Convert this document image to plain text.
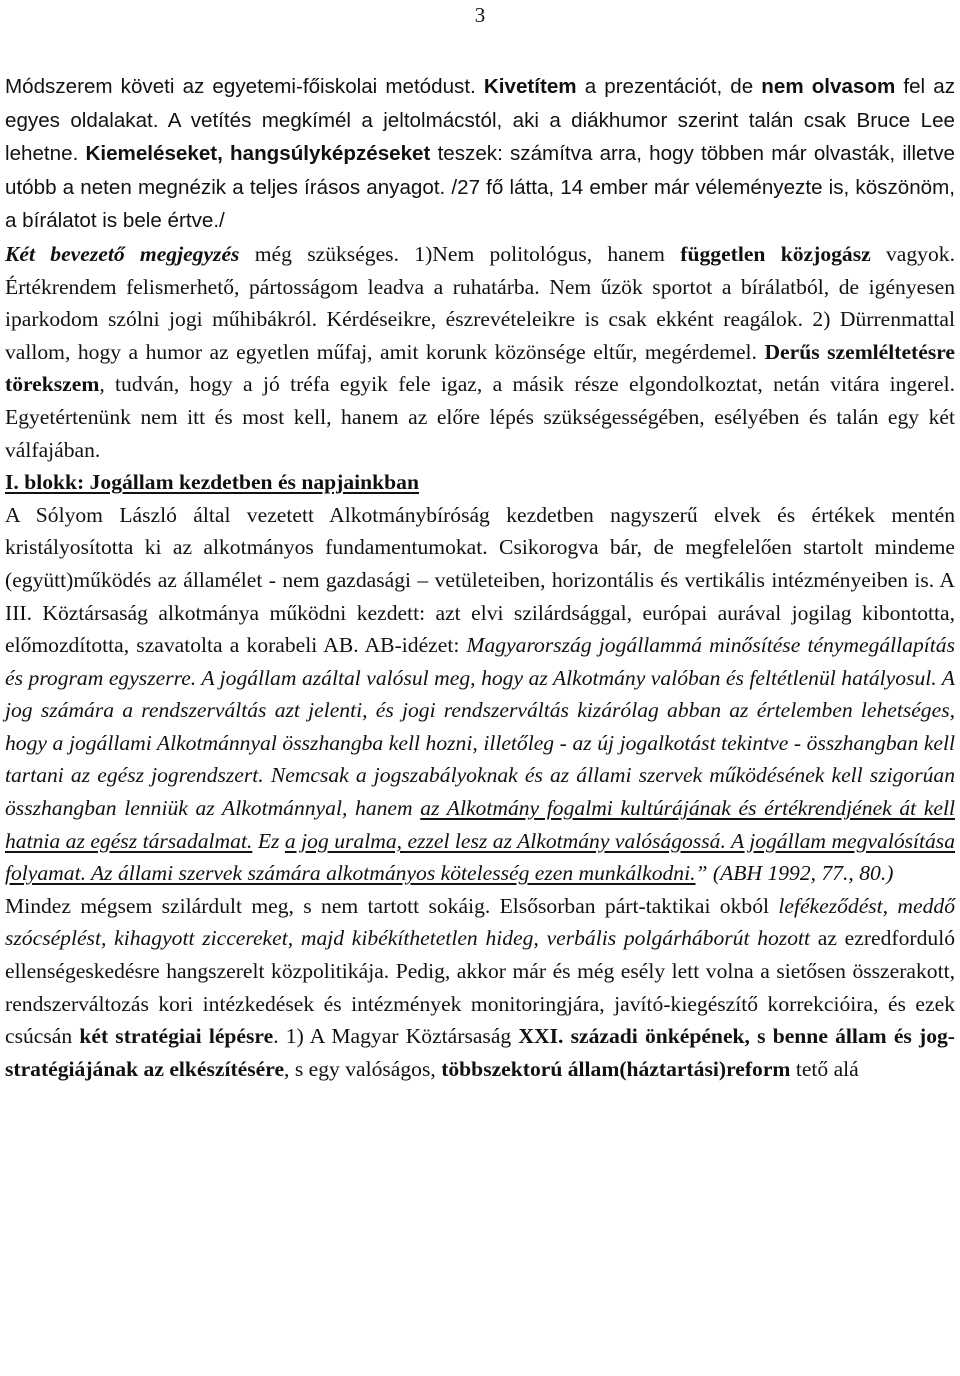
3

Módszerem követi az egyetemi-főiskolai metódust. Kivetítem a prezentációt, de nem olvasom fel az egyes oldalakat. A vetítés megkímél a jeltolmácstól, aki a diákhumor szerint talán csak Bruce Lee lehetne. Kiemeléseket, hangsúlyképzéseket teszek: számítva arra, hogy többen már olvasták, illetve utóbb a neten megnézik a teljes írásos anyagot. /27 fő látta, 14 ember már véleményezte is, köszönöm, a bírálatot is bele értve./

Két bevezető megjegyzés még szükséges. 1)Nem politológus, hanem független közjogász vagyok. Értékrendem felismerhető, pártosságom leadva a ruhatárba. Nem űzök sportot a bírálatból, de igényesen iparkodom szólni jogi műhibákról. Kérdéseikre, észrevételeikre is csak ekként reagálok. 2) Dürrenmattal vallom, hogy a humor az egyetlen műfaj, amit korunk közönsége eltűr, megérdemel. Derűs szemléltetésre törekszem, tudván, hogy a jó tréfa egyik fele igaz, a másik része elgondolkoztat, netán vitára ingerel. Egyetértenünk nem itt és most kell, hanem az előre lépés szükségességében, esélyében és talán egy két válfajában.

I. blokk: Jogállam kezdetben és napjainkban

A Sólyom László által vezetett Alkotmánybíróság kezdetben nagyszerű elvek és értékek mentén kristályosította ki az alkotmányos fundamentumokat. Csikorogva bár, de megfelelően startolt mindeme (együtt)működés az államélet - nem gazdasági – vetületeiben, horizontális és vertikális intézményeiben is. A III. Köztársaság alkotmánya működni kezdett: azt elvi szilárdsággal, európai aurával jogilag kibontotta, előmozdította, szavatolta a korabeli AB. AB-idézet: Magyarország jogállammá minősítése ténymegállapítás és program egyszerre. A jogállam azáltal valósul meg, hogy az Alkotmány valóban és feltétlenül hatályosul. A jog számára a rendszerváltás azt jelenti, és jogi rendszerváltás kizárólag abban az értelemben lehetséges, hogy a jogállami Alkotmánnyal összhangba kell hozni, illetőleg - az új jogalkotást tekintve - összhangban kell tartani az egész jogrendszert. Nemcsak a jogszabályoknak és az állami szervek működésének kell szigorúan összhangban lenniük az Alkotmánnyal, hanem az Alkotmány fogalmi kultúrájának és értékrendjének át kell hatnia az egész társadalmat. Ez a jog uralma, ezzel lesz az Alkotmány valóságossá. A jogállam megvalósítása folyamat. Az állami szervek számára alkotmányos kötelesség ezen munkálkodni.” (ABH 1992, 77., 80.)

Mindez mégsem szilárdult meg, s nem tartott sokáig. Elsősorban párt-taktikai okból lefékeződést, meddő szócséplést, kihagyott ziccereket, majd kibékíthetetlen hideg, verbális polgárháborút hozott az ezredforduló ellenségeskedésre hangszerelt közpolitikája. Pedig, akkor már és még esély lett volna a sietősen összerakott, rendszerváltozás kori intézkedések és intézmények monitoringjára, javító-kiegészítő korrekcióira, és ezek csúcsán két stratégiai lépésre. 1) A Magyar Köztársaság XXI. századi önképének, s benne állam és jog-stratégiájának az elkészítésére, s egy valóságos, többszektorú állam(háztartási)reform tető alá
